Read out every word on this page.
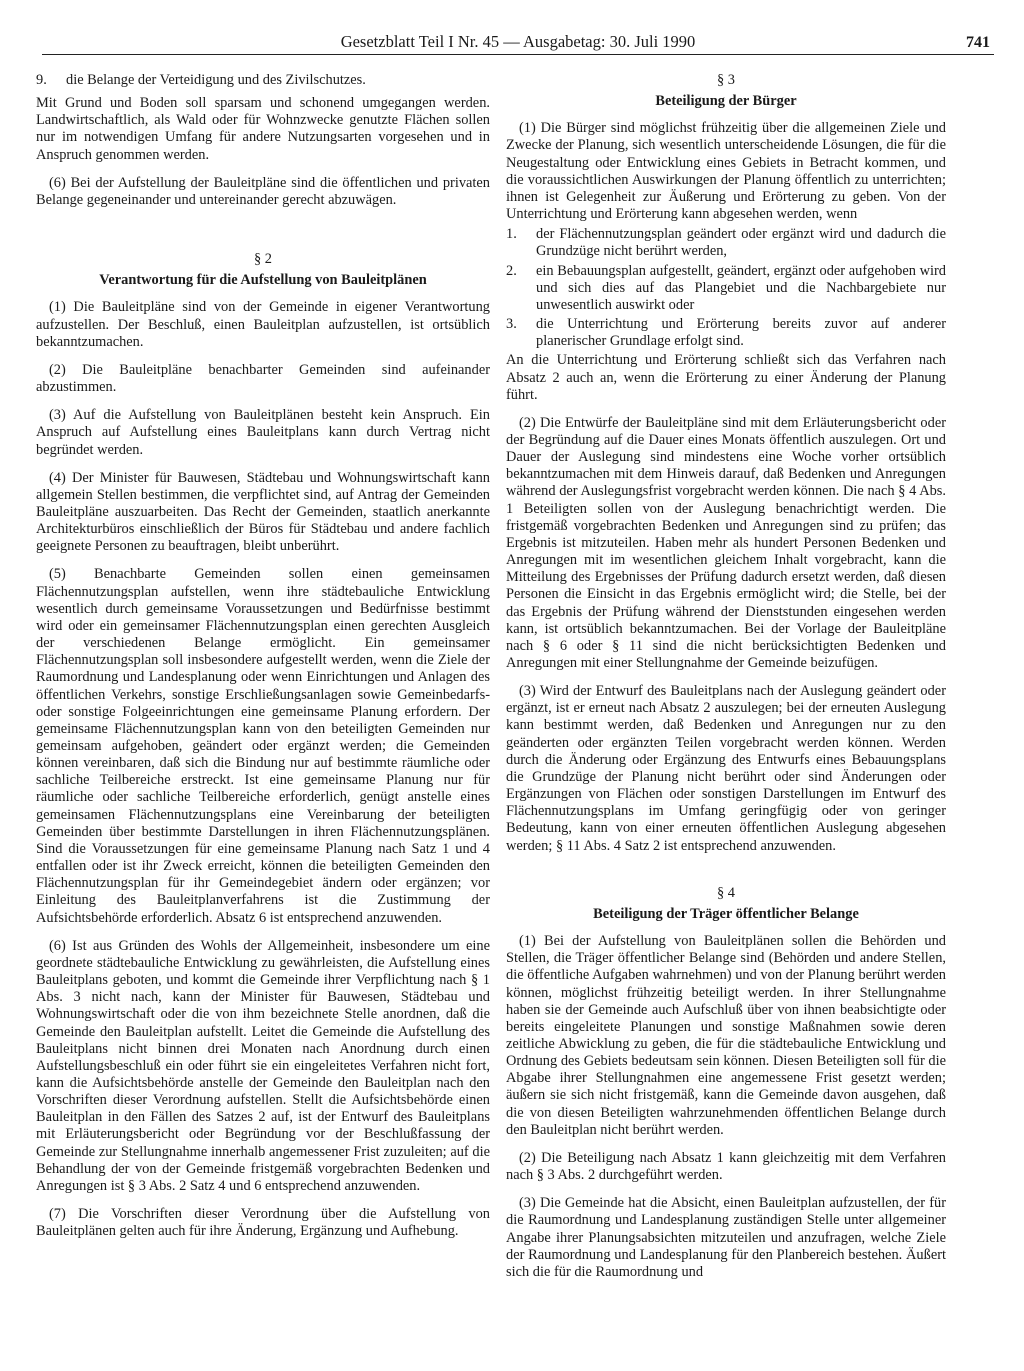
Gesetzblatt Teil I Nr. 45 — Ausgabetag: 30. Juli 1990	741
9.	die Belange der Verteidigung und des Zivilschutzes.

Mit Grund und Boden soll sparsam und schonend umgegangen werden. Landwirtschaftlich, als Wald oder für Wohnzwecke genutzte Flächen sollen nur im notwendigen Umfang für andere Nutzungsarten vorgesehen und in Anspruch genommen werden.

(6) Bei der Aufstellung der Bauleitpläne sind die öffentlichen und privaten Belange gegeneinander und untereinander gerecht abzuwägen.

§ 2
Verantwortung für die Aufstellung von Bauleitplänen

(1) Die Bauleitpläne sind von der Gemeinde in eigener Verantwortung aufzustellen. Der Beschluß, einen Bauleitplan aufzustellen, ist ortsüblich bekanntzumachen.

(2) Die Bauleitpläne benachbarter Gemeinden sind aufeinander abzustimmen.

(3) Auf die Aufstellung von Bauleitplänen besteht kein Anspruch. Ein Anspruch auf Aufstellung eines Bauleitplans kann durch Vertrag nicht begründet werden.

(4) Der Minister für Bauwesen, Städtebau und Wohnungswirtschaft kann allgemein Stellen bestimmen, die verpflichtet sind, auf Antrag der Gemeinden Bauleitpläne auszuarbeiten. Das Recht der Gemeinden, staatlich anerkannte Architekturbüros einschließlich der Büros für Städtebau und andere fachlich geeignete Personen zu beauftragen, bleibt unberührt.

(5) Benachbarte Gemeinden sollen einen gemeinsamen Flächennutzungsplan aufstellen, wenn ihre städtebauliche Entwicklung wesentlich durch gemeinsame Voraussetzungen und Bedürfnisse bestimmt wird oder ein gemeinsamer Flächennutzungsplan einen gerechten Ausgleich der verschiedenen Belange ermöglicht. Ein gemeinsamer Flächennutzungsplan soll insbesondere aufgestellt werden, wenn die Ziele der Raumordnung und Landesplanung oder wenn Einrichtungen und Anlagen des öffentlichen Verkehrs, sonstige Erschließungsanlagen sowie Gemeinbedarfs- oder sonstige Folgeeinrichtungen eine gemeinsame Planung erfordern. Der gemeinsame Flächennutzungsplan kann von den beteiligten Gemeinden nur gemeinsam aufgehoben, geändert oder ergänzt werden; die Gemeinden können vereinbaren, daß sich die Bindung nur auf bestimmte räumliche oder sachliche Teilbereiche erstreckt. Ist eine gemeinsame Planung nur für räumliche oder sachliche Teilbereiche erforderlich, genügt anstelle eines gemeinsamen Flächennutzungsplans eine Vereinbarung der beteiligten Gemeinden über bestimmte Darstellungen in ihren Flächennutzungsplänen. Sind die Voraussetzungen für eine gemeinsame Planung nach Satz 1 und 4 entfallen oder ist ihr Zweck erreicht, können die beteiligten Gemeinden den Flächennutzungsplan für ihr Gemeindegebiet ändern oder ergänzen; vor Einleitung des Bauleitplanverfahrens ist die Zustimmung der Aufsichtsbehörde erforderlich. Absatz 6 ist entsprechend anzuwenden.

(6) Ist aus Gründen des Wohls der Allgemeinheit, insbesondere um eine geordnete städtebauliche Entwicklung zu gewährleisten, die Aufstellung eines Bauleitplans geboten, und kommt die Gemeinde ihrer Verpflichtung nach § 1 Abs. 3 nicht nach, kann der Minister für Bauwesen, Städtebau und Wohnungswirtschaft oder die von ihm bezeichnete Stelle anordnen, daß die Gemeinde den Bauleitplan aufstellt. Leitet die Gemeinde die Aufstellung des Bauleitplans nicht binnen drei Monaten nach Anordnung durch einen Aufstellungsbeschluß ein oder führt sie ein eingeleitetes Verfahren nicht fort, kann die Aufsichtsbehörde anstelle der Gemeinde den Bauleitplan nach den Vorschriften dieser Verordnung aufstellen. Stellt die Aufsichtsbehörde einen Bauleitplan in den Fällen des Satzes 2 auf, ist der Entwurf des Bauleitplans mit Erläuterungsbericht oder Begründung vor der Beschlußfassung der Gemeinde zur Stellungnahme innerhalb angemessener Frist zuzuleiten; auf die Behandlung der von der Gemeinde fristgemäß vorgebrachten Bedenken und Anregungen ist § 3 Abs. 2 Satz 4 und 6 entsprechend anzuwenden.

(7) Die Vorschriften dieser Verordnung über die Aufstellung von Bauleitplänen gelten auch für ihre Änderung, Ergänzung und Aufhebung.

§ 3
Beteiligung der Bürger

(1) Die Bürger sind möglichst frühzeitig über die allgemeinen Ziele und Zwecke der Planung, sich wesentlich unterscheidende Lösungen, die für die Neugestaltung oder Entwicklung eines Gebiets in Betracht kommen, und die voraussichtlichen Auswirkungen der Planung öffentlich zu unterrichten; ihnen ist Gelegenheit zur Äußerung und Erörterung zu geben. Von der Unterrichtung und Erörterung kann abgesehen werden, wenn

1.	der Flächennutzungsplan geändert oder ergänzt wird und dadurch die Grundzüge nicht berührt werden,
2.	ein Bebauungsplan aufgestellt, geändert, ergänzt oder aufgehoben wird und sich dies auf das Plangebiet und die Nachbargebiete nur unwesentlich auswirkt oder
3.	die Unterrichtung und Erörterung bereits zuvor auf anderer planerischer Grundlage erfolgt sind.

An die Unterrichtung und Erörterung schließt sich das Verfahren nach Absatz 2 auch an, wenn die Erörterung zu einer Änderung der Planung führt.

(2) Die Entwürfe der Bauleitpläne sind mit dem Erläuterungsbericht oder der Begründung auf die Dauer eines Monats öffentlich auszulegen. Ort und Dauer der Auslegung sind mindestens eine Woche vorher ortsüblich bekanntzumachen mit dem Hinweis darauf, daß Bedenken und Anregungen während der Auslegungsfrist vorgebracht werden können. Die nach § 4 Abs. 1 Beteiligten sollen von der Auslegung benachrichtigt werden. Die fristgemäß vorgebrachten Bedenken und Anregungen sind zu prüfen; das Ergebnis ist mitzuteilen. Haben mehr als hundert Personen Bedenken und Anregungen mit im wesentlichen gleichem Inhalt vorgebracht, kann die Mitteilung des Ergebnisses der Prüfung dadurch ersetzt werden, daß diesen Personen die Einsicht in das Ergebnis ermöglicht wird; die Stelle, bei der das Ergebnis der Prüfung während der Dienststunden eingesehen werden kann, ist ortsüblich bekanntzumachen. Bei der Vorlage der Bauleitpläne nach § 6 oder § 11 sind die nicht berücksichtigten Bedenken und Anregungen mit einer Stellungnahme der Gemeinde beizufügen.

(3) Wird der Entwurf des Bauleitplans nach der Auslegung geändert oder ergänzt, ist er erneut nach Absatz 2 auszulegen; bei der erneuten Auslegung kann bestimmt werden, daß Bedenken und Anregungen nur zu den geänderten oder ergänzten Teilen vorgebracht werden können. Werden durch die Änderung oder Ergänzung des Entwurfs eines Bebauungsplans die Grundzüge der Planung nicht berührt oder sind Änderungen oder Ergänzungen von Flächen oder sonstigen Darstellungen im Entwurf des Flächennutzungsplans im Umfang geringfügig oder von geringer Bedeutung, kann von einer erneuten öffentlichen Auslegung abgesehen werden; § 11 Abs. 4 Satz 2 ist entsprechend anzuwenden.

§ 4
Beteiligung der Träger öffentlicher Belange

(1) Bei der Aufstellung von Bauleitplänen sollen die Behörden und Stellen, die Träger öffentlicher Belange sind (Behörden und andere Stellen, die öffentliche Aufgaben wahrnehmen) und von der Planung berührt werden können, möglichst frühzeitig beteiligt werden. In ihrer Stellungnahme haben sie der Gemeinde auch Aufschluß über von ihnen beabsichtigte oder bereits eingeleitete Planungen und sonstige Maßnahmen sowie deren zeitliche Abwicklung zu geben, die für die städtebauliche Entwicklung und Ordnung des Gebiets bedeutsam sein können. Diesen Beteiligten soll für die Abgabe ihrer Stellungnahmen eine angemessene Frist gesetzt werden; äußern sie sich nicht fristgemäß, kann die Gemeinde davon ausgehen, daß die von diesen Beteiligten wahrzunehmenden öffentlichen Belange durch den Bauleitplan nicht berührt werden.

(2) Die Beteiligung nach Absatz 1 kann gleichzeitig mit dem Verfahren nach § 3 Abs. 2 durchgeführt werden.

(3) Die Gemeinde hat die Absicht, einen Bauleitplan aufzustellen, der für die Raumordnung und Landesplanung zuständigen Stelle unter allgemeiner Angabe ihrer Planungsabsichten mitzuteilen und anzufragen, welche Ziele der Raumordnung und Landesplanung für den Planbereich bestehen. Äußert sich die für die Raumordnung und
